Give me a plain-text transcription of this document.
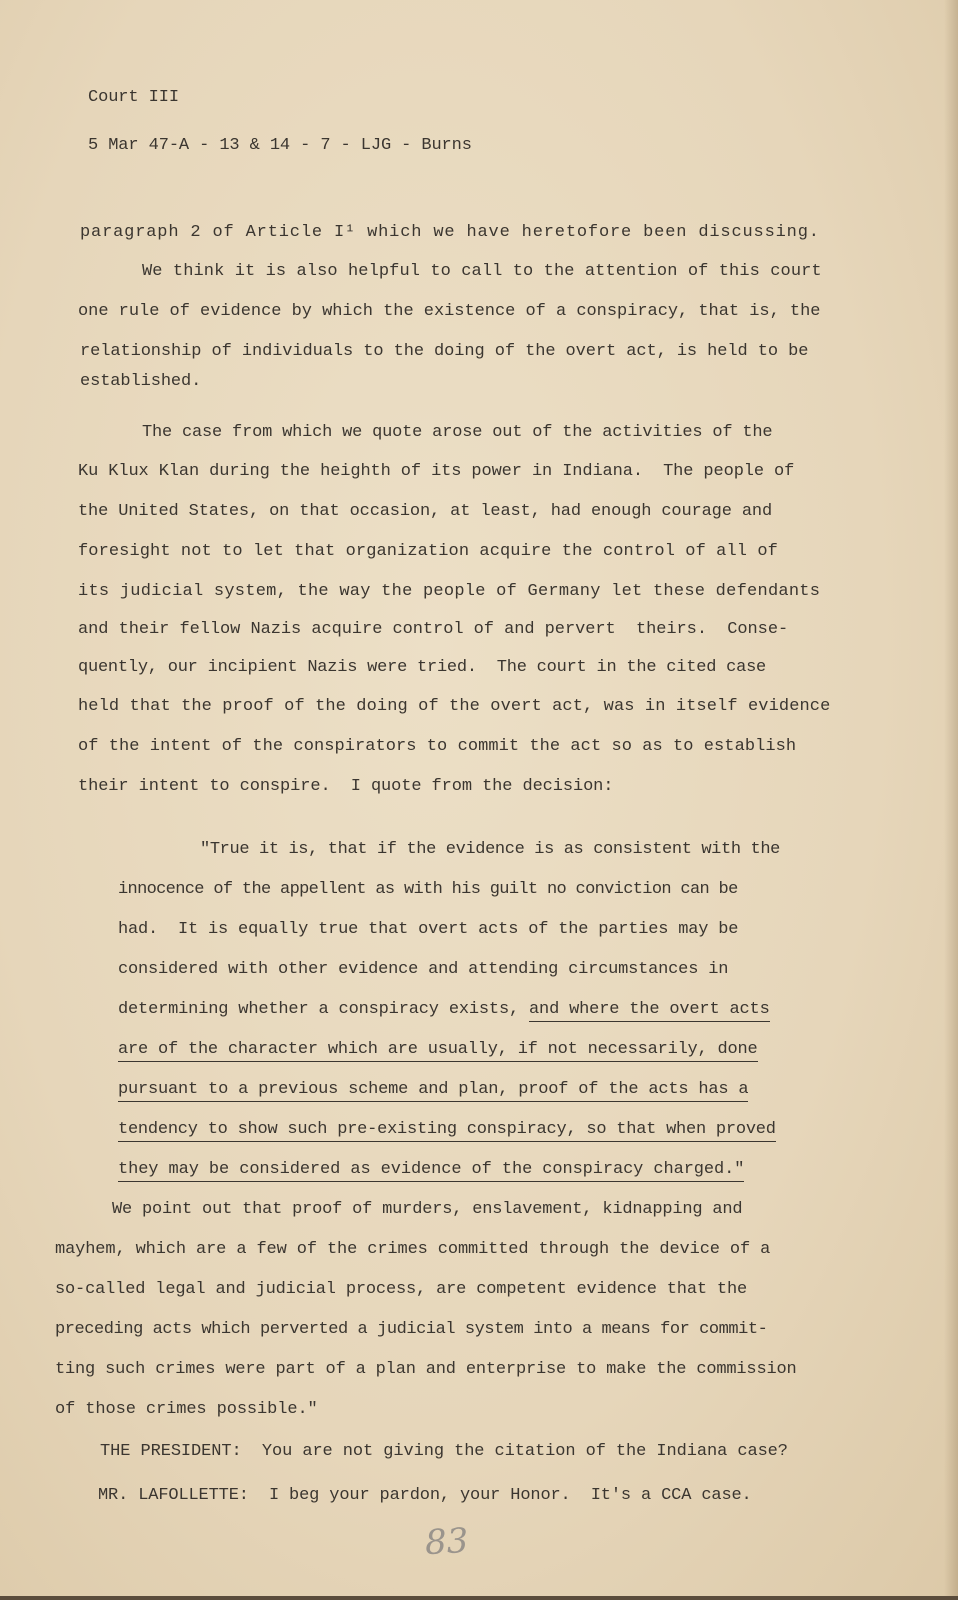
Court III
5 Mar 47-A - 13 & 14 - 7 - LJG - Burns
paragraph 2 of Article I¹ which we have heretofore been discussing.
We think it is also helpful to call to the attention of this court
one rule of evidence by which the existence of a conspiracy, that is, the
relationship of individuals to the doing of the overt act, is held to be
established.
The case from which we quote arose out of the activities of the
Ku Klux Klan during the heighth of its power in Indiana.  The people of
the United States, on that occasion, at least, had enough courage and
foresight not to let that organization acquire the control of all of
its judicial system, the way the people of Germany let these defendants
and their fellow Nazis acquire control of and pervert  theirs.  Conse-
quently, our incipient Nazis were tried.  The court in the cited case
held that the proof of the doing of the overt act, was in itself evidence
of the intent of the conspirators to commit the act so as to establish
their intent to conspire.  I quote from the decision:
"True it is, that if the evidence is as consistent with the
innocence of the appellent as with his guilt no conviction can be
had.  It is equally true that overt acts of the parties may be
considered with other evidence and attending circumstances in
determining whether a conspiracy exists, and where the overt acts
are of the character which are usually, if not necessarily, done
pursuant to a previous scheme and plan, proof of the acts has a
tendency to show such pre-existing conspiracy, so that when proved
they may be considered as evidence of the conspiracy charged."
We point out that proof of murders, enslavement, kidnapping and
mayhem, which are a few of the crimes committed through the device of a
so-called legal and judicial process, are competent evidence that the
preceding acts which perverted a judicial system into a means for commit-
ting such crimes were part of a plan and enterprise to make the commission
of those crimes possible."
THE PRESIDENT:  You are not giving the citation of the Indiana case?
MR. LAFOLLETTE:  I beg your pardon, your Honor.  It's a CCA case.
83
